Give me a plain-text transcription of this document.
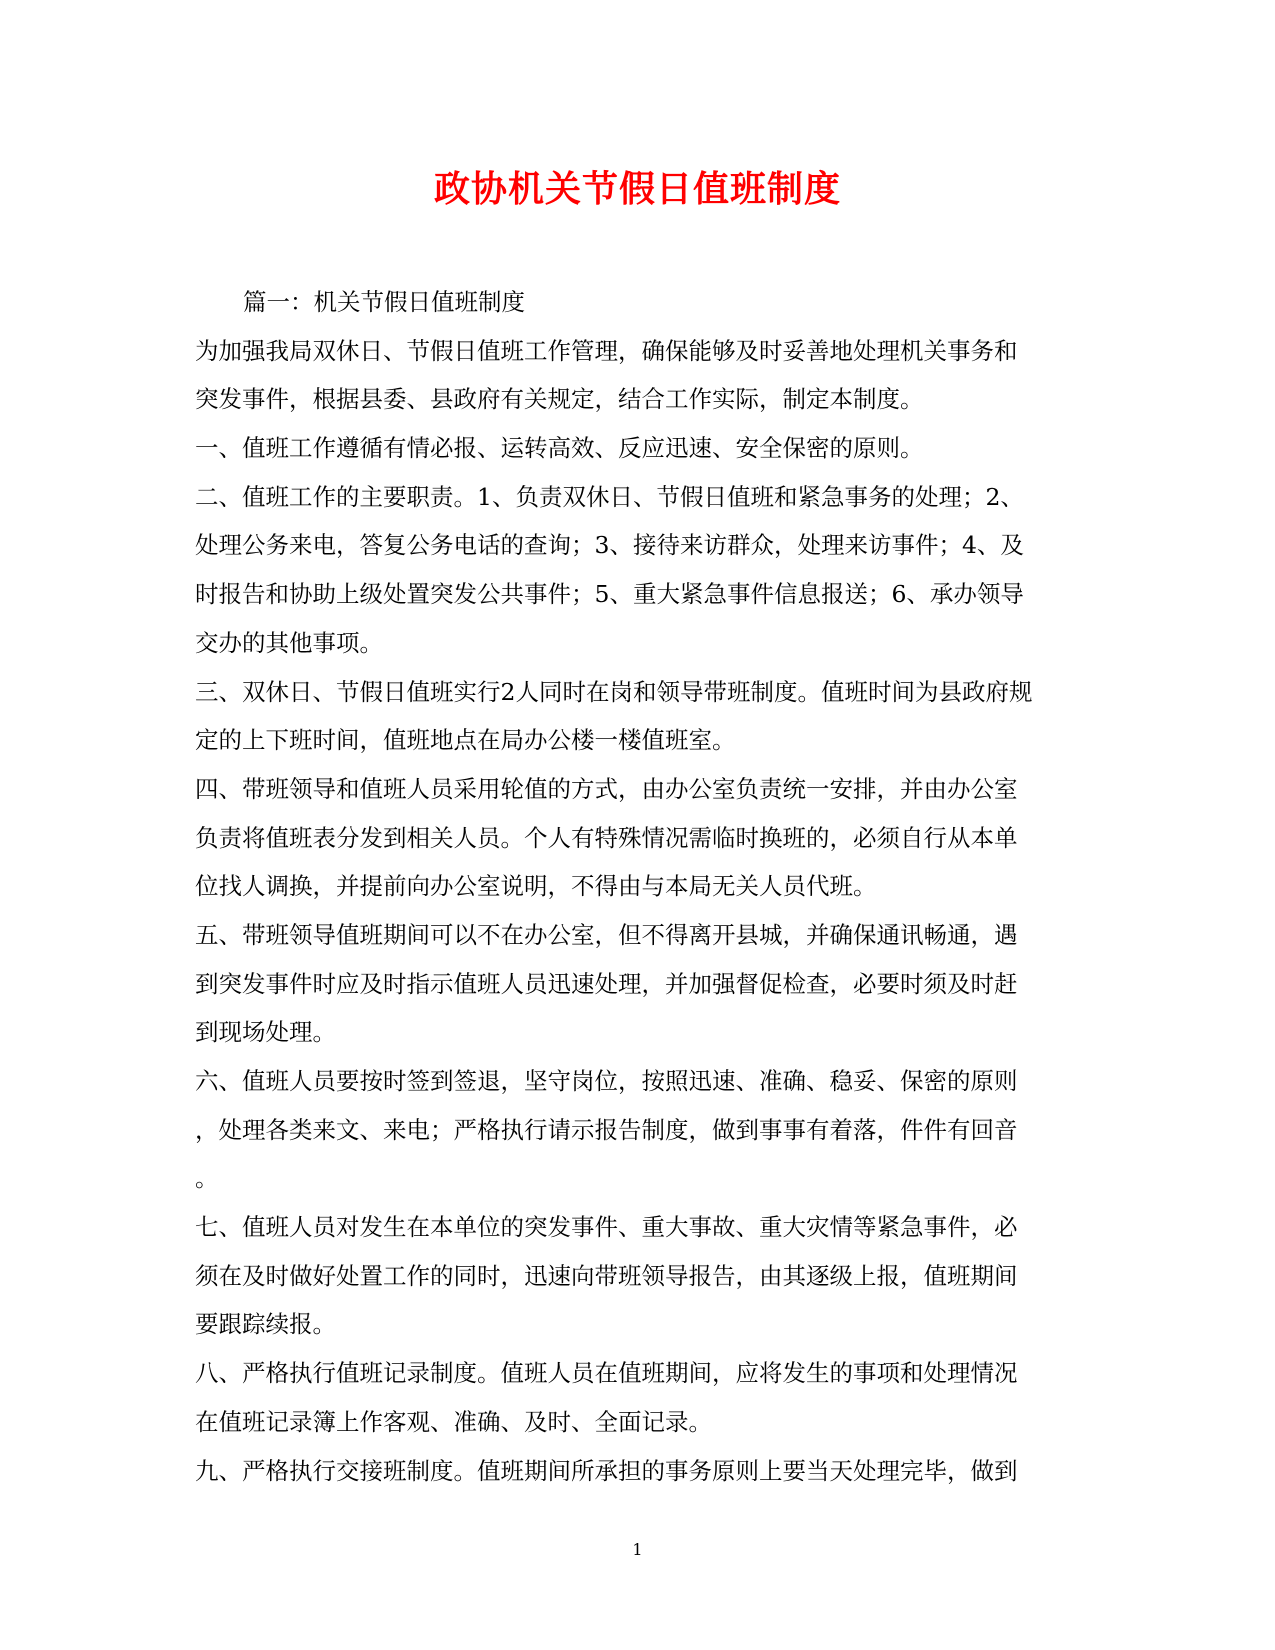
政协机关节假日值班制度
篇一：机关节假日值班制度
为加强我局双休日、节假日值班工作管理，确保能够及时妥善地处理机关事务和
突发事件，根据县委、县政府有关规定，结合工作实际，制定本制度。
一、值班工作遵循有情必报、运转高效、反应迅速、安全保密的原则。
二、值班工作的主要职责。1、负责双休日、节假日值班和紧急事务的处理；2、
处理公务来电，答复公务电话的查询；3、接待来访群众，处理来访事件；4、及
时报告和协助上级处置突发公共事件；5、重大紧急事件信息报送；6、承办领导
交办的其他事项。
三、双休日、节假日值班实行2人同时在岗和领导带班制度。值班时间为县政府规
定的上下班时间，值班地点在局办公楼一楼值班室。
四、带班领导和值班人员采用轮值的方式，由办公室负责统一安排，并由办公室
负责将值班表分发到相关人员。个人有特殊情况需临时换班的，必须自行从本单
位找人调换，并提前向办公室说明，不得由与本局无关人员代班。
五、带班领导值班期间可以不在办公室，但不得离开县城，并确保通讯畅通，遇
到突发事件时应及时指示值班人员迅速处理，并加强督促检查，必要时须及时赶
到现场处理。
六、值班人员要按时签到签退，坚守岗位，按照迅速、准确、稳妥、保密的原则
，处理各类来文、来电；严格执行请示报告制度，做到事事有着落，件件有回音
。
七、值班人员对发生在本单位的突发事件、重大事故、重大灾情等紧急事件，必
须在及时做好处置工作的同时，迅速向带班领导报告，由其逐级上报，值班期间
要跟踪续报。
八、严格执行值班记录制度。值班人员在值班期间，应将发生的事项和处理情况
在值班记录簿上作客观、准确、及时、全面记录。
九、严格执行交接班制度。值班期间所承担的事务原则上要当天处理完毕，做到
1
